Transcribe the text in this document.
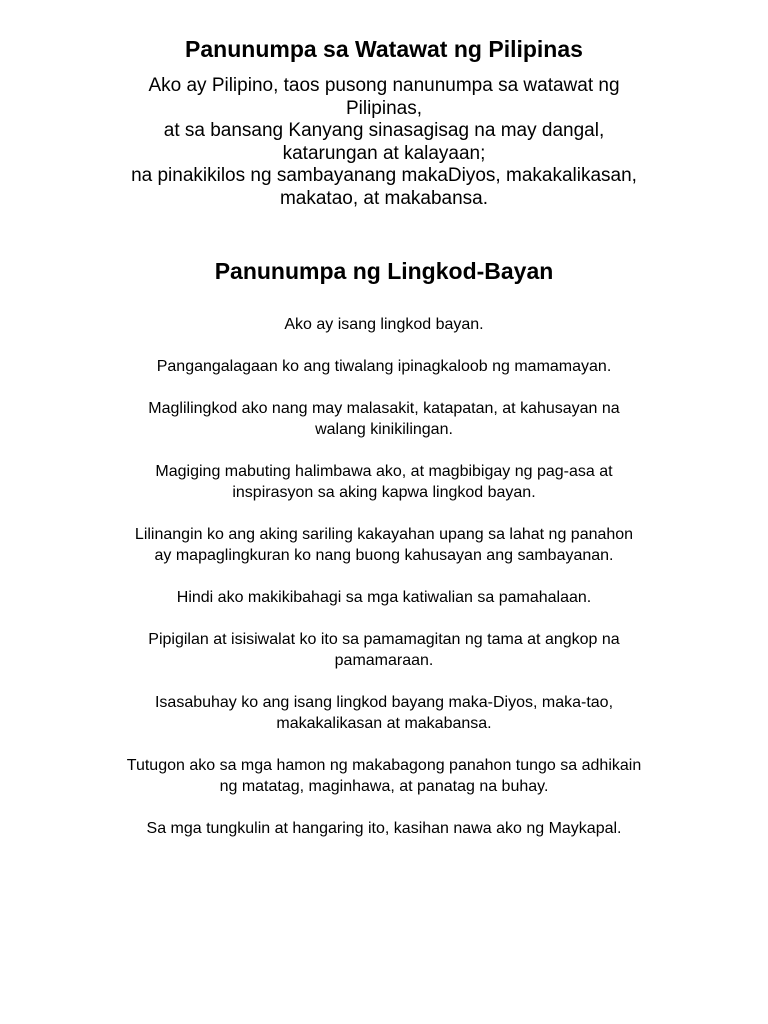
Panunumpa sa Watawat ng Pilipinas
Ako ay Pilipino, taos pusong nanunumpa sa watawat ng
Pilipinas,
at sa bansang Kanyang sinasagisag na may dangal,
katarungan at kalayaan;
na pinakikilos ng sambayanang makaDiyos, makakalikasan,
makatao, at makabansa.
Panunumpa ng Lingkod-Bayan
Ako ay isang lingkod bayan.
Pangangalagaan ko ang tiwalang ipinagkaloob ng mamamayan.
Maglilingkod ako nang may malasakit, katapatan, at kahusayan na
walang kinikilingan.
Magiging mabuting halimbawa ako, at magbibigay ng pag-asa at
inspirasyon sa aking kapwa lingkod bayan.
Lilinangin ko ang aking sariling kakayahan upang sa lahat ng panahon
ay mapaglingkuran ko nang buong kahusayan ang sambayanan.
Hindi ako makikibahagi sa mga katiwalian sa pamahalaan.
Pipigilan at isisiwalat ko ito sa pamamagitan ng tama at angkop na
pamamaraan.
Isasabuhay ko ang isang lingkod bayang maka-Diyos, maka-tao,
makakalikasan at makabansa.
Tutugon ako sa mga hamon ng makabagong panahon tungo sa adhikain
ng matatag, maginhawa, at panatag na buhay.
Sa mga tungkulin at hangaring ito, kasihan nawa ako ng Maykapal.
